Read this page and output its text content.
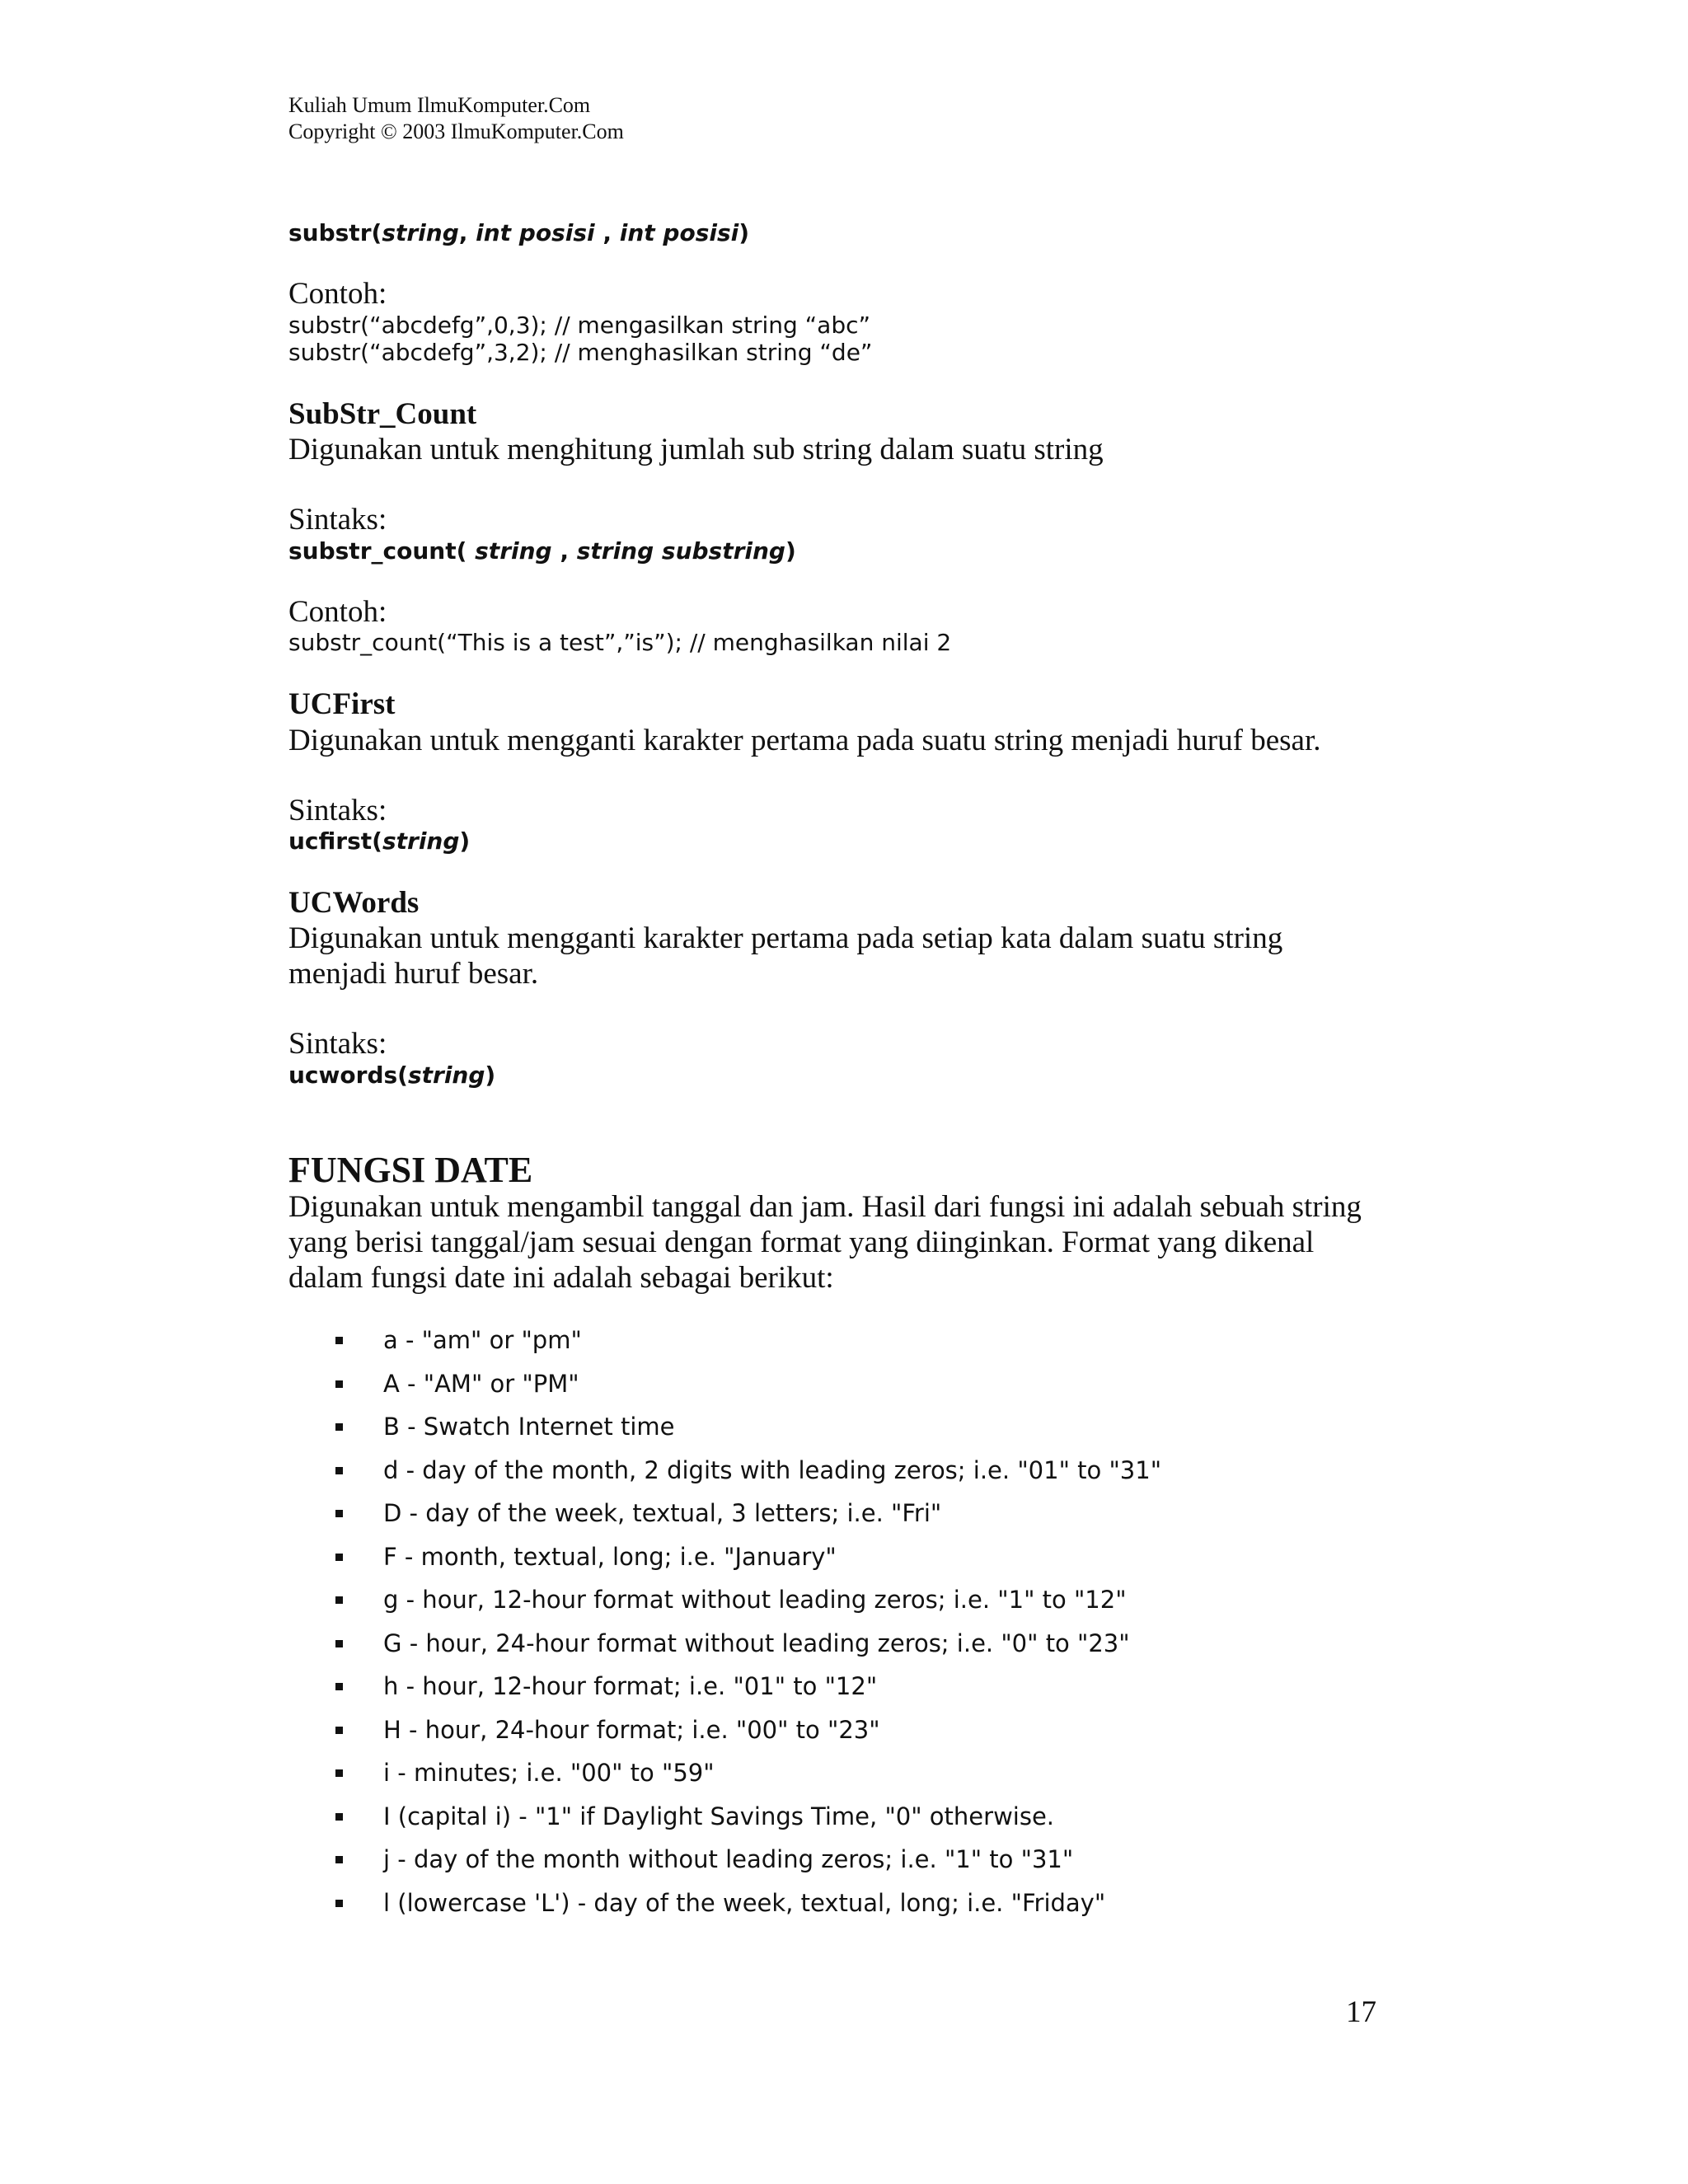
Kuliah Umum IlmuKomputer.Com
Copyright © 2003 IlmuKomputer.Com
substr(string, int posisi , int posisi)
Contoh:
substr(“abcdefg”,0,3); // mengasilkan string “abc”
substr(“abcdefg”,3,2); // menghasilkan string “de”
SubStr_Count
Digunakan untuk menghitung jumlah sub string dalam suatu string
Sintaks:
substr_count( string , string substring)
Contoh:
substr_count(“This is a test”,”is”); // menghasilkan nilai 2
UCFirst
Digunakan untuk mengganti karakter pertama pada suatu string menjadi huruf besar.
Sintaks:
ucfirst(string)
UCWords
Digunakan untuk mengganti karakter pertama pada setiap kata dalam suatu string
menjadi huruf besar.
Sintaks:
ucwords(string)
FUNGSI DATE
Digunakan untuk mengambil tanggal dan jam. Hasil dari fungsi ini adalah sebuah string
yang berisi tanggal/jam sesuai dengan format yang diinginkan. Format yang dikenal
dalam fungsi date ini adalah sebagai berikut:
a - "am" or "pm"
A - "AM" or "PM"
B - Swatch Internet time
d - day of the month, 2 digits with leading zeros; i.e. "01" to "31"
D - day of the week, textual, 3 letters; i.e. "Fri"
F - month, textual, long; i.e. "January"
g - hour, 12-hour format without leading zeros; i.e. "1" to "12"
G - hour, 24-hour format without leading zeros; i.e. "0" to "23"
h - hour, 12-hour format; i.e. "01" to "12"
H - hour, 24-hour format; i.e. "00" to "23"
i - minutes; i.e. "00" to "59"
I (capital i) - "1" if Daylight Savings Time, "0" otherwise.
j - day of the month without leading zeros; i.e. "1" to "31"
l (lowercase 'L') - day of the week, textual, long; i.e. "Friday"
17
